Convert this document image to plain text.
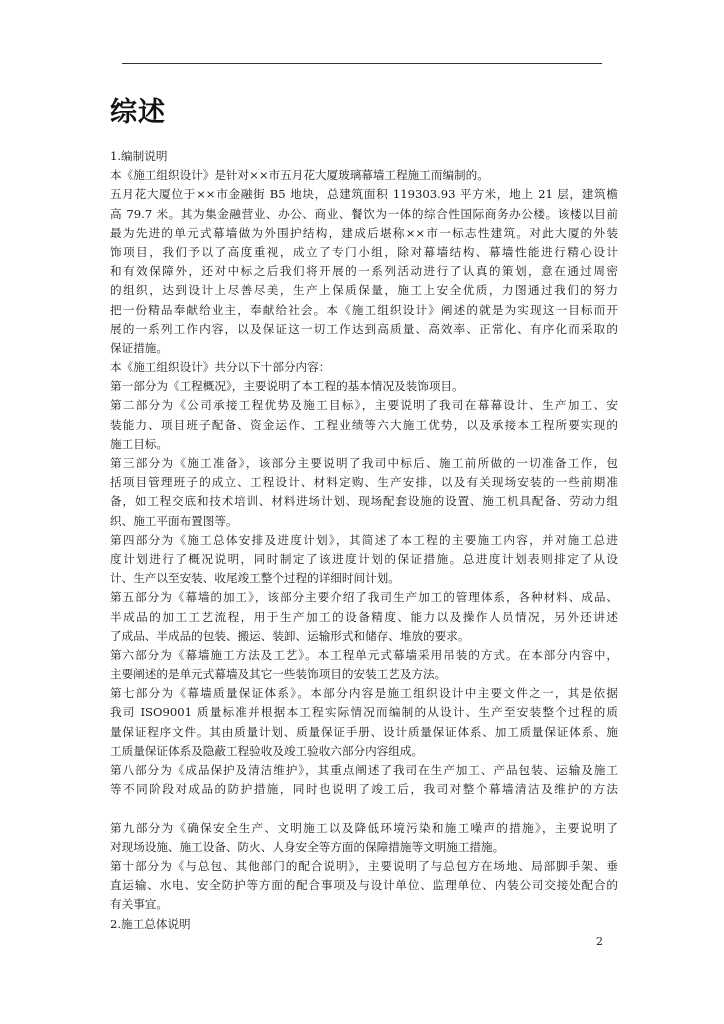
综述
1.编制说明
本《施工组织设计》是针对××市五月花大厦玻璃幕墙工程施工而编制的。
五月花大厦位于××市金融街 B5 地块，总建筑面积 119303.93 平方米，地上 21 层，建筑檐
高 79.7 米。其为集金融营业、办公、商业、餐饮为一体的综合性国际商务办公楼。该楼以目前
最为先进的单元式幕墙做为外围护结构，建成后堪称××市一标志性建筑。对此大厦的外装
饰项目，我们予以了高度重视，成立了专门小组，除对幕墙结构、幕墙性能进行精心设计
和有效保障外，还对中标之后我们将开展的一系列活动进行了认真的策划，意在通过周密
的组织，达到设计上尽善尽美，生产上保质保量，施工上安全优质，力图通过我们的努力
把一份精品奉献给业主，奉献给社会。本《施工组织设计》阐述的就是为实现这一目标而开
展的一系列工作内容，以及保证这一切工作达到高质量、高效率、正常化、有序化而采取的
保证措施。
本《施工组织设计》共分以下十部分内容：
第一部分为《工程概况》，主要说明了本工程的基本情况及装饰项目。
第二部分为《公司承接工程优势及施工目标》，主要说明了我司在幕幕设计、生产加工、安
装能力、项目班子配备、资金运作、工程业绩等六大施工优势，以及承接本工程所要实现的
施工目标。
第三部分为《施工准备》，该部分主要说明了我司中标后、施工前所做的一切准备工作，包
括项目管理班子的成立、工程设计、材料定购、生产安排，以及有关现场安装的一些前期准
备，如工程交底和技术培训、材料进场计划、现场配套设施的设置、施工机具配备、劳动力组
织、施工平面布置图等。
第四部分为《施工总体安排及进度计划》，其简述了本工程的主要施工内容，并对施工总进
度计划进行了概况说明，同时制定了该进度计划的保证措施。总进度计划表则排定了从设
计、生产以至安装、收尾竣工整个过程的详细时间计划。
第五部分为《幕墙的加工》，该部分主要介绍了我司生产加工的管理体系，各种材料、成品、
半成品的加工工艺流程，用于生产加工的设备精度、能力以及操作人员情况，另外还讲述
了成品、半成品的包装、搬运、装卸、运输形式和储存、堆放的要求。
第六部分为《幕墙施工方法及工艺》。本工程单元式幕墙采用吊装的方式。在本部分内容中，
主要阐述的是单元式幕墙及其它一些装饰项目的安装工艺及方法。
第七部分为《幕墙质量保证体系》。本部分内容是施工组织设计中主要文件之一，其是依据
我司 ISO9001 质量标准并根据本工程实际情况而编制的从设计、生产至安装整个过程的质
量保证程序文件。其由质量计划、质量保证手册、设计质量保证体系、加工质量保证体系、施
工质量保证体系及隐蔽工程验收及竣工验收六部分内容组成。
第八部分为《成品保护及清洁维护》，其重点阐述了我司在生产加工、产品包装、运输及施工
等不同阶段对成品的防护措施，同时也说明了竣工后，我司对整个幕墙清洁及维护的方法
第九部分为《确保安全生产、文明施工以及降低环境污染和施工噪声的措施》，主要说明了
对现场设施、施工设备、防火、人身安全等方面的保障措施等文明施工措施。
第十部分为《与总包、其他部门的配合说明》，主要说明了与总包方在场地、局部脚手架、垂
直运输、水电、安全防护等方面的配合事项及与设计单位、监理单位、内装公司交接处配合的
有关事宜。
2.施工总体说明
2
